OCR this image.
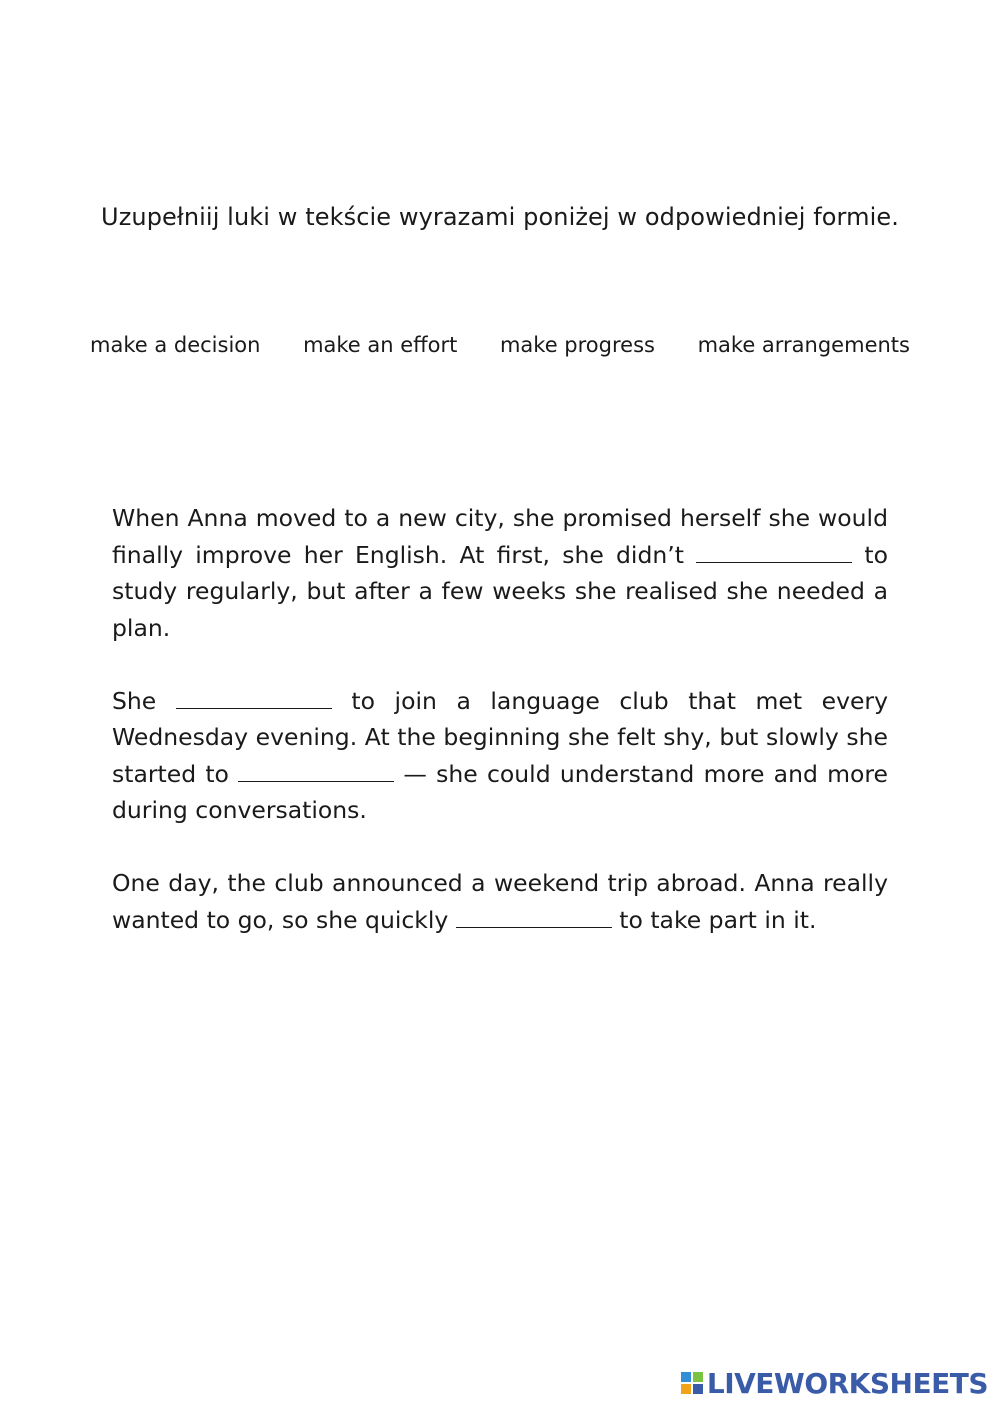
Uzupełniij luki w tekście wyrazami poniżej w odpowiedniej formie.
make a decision make an effort make progress make arrangements

When Anna moved to a new city, she promised herself she would finally improve her English. At first, she didn’t	to study regularly, but after a few weeks she realised she needed a plan.

She	to join a language club that met every Wednesday evening. At the beginning she felt shy, but slowly she started to	— she could understand more and more during conversations.

One day, the club announced a weekend trip abroad. Anna really wanted to go, so she quickly	to take part in it.

LIVEWORKSHEETS
